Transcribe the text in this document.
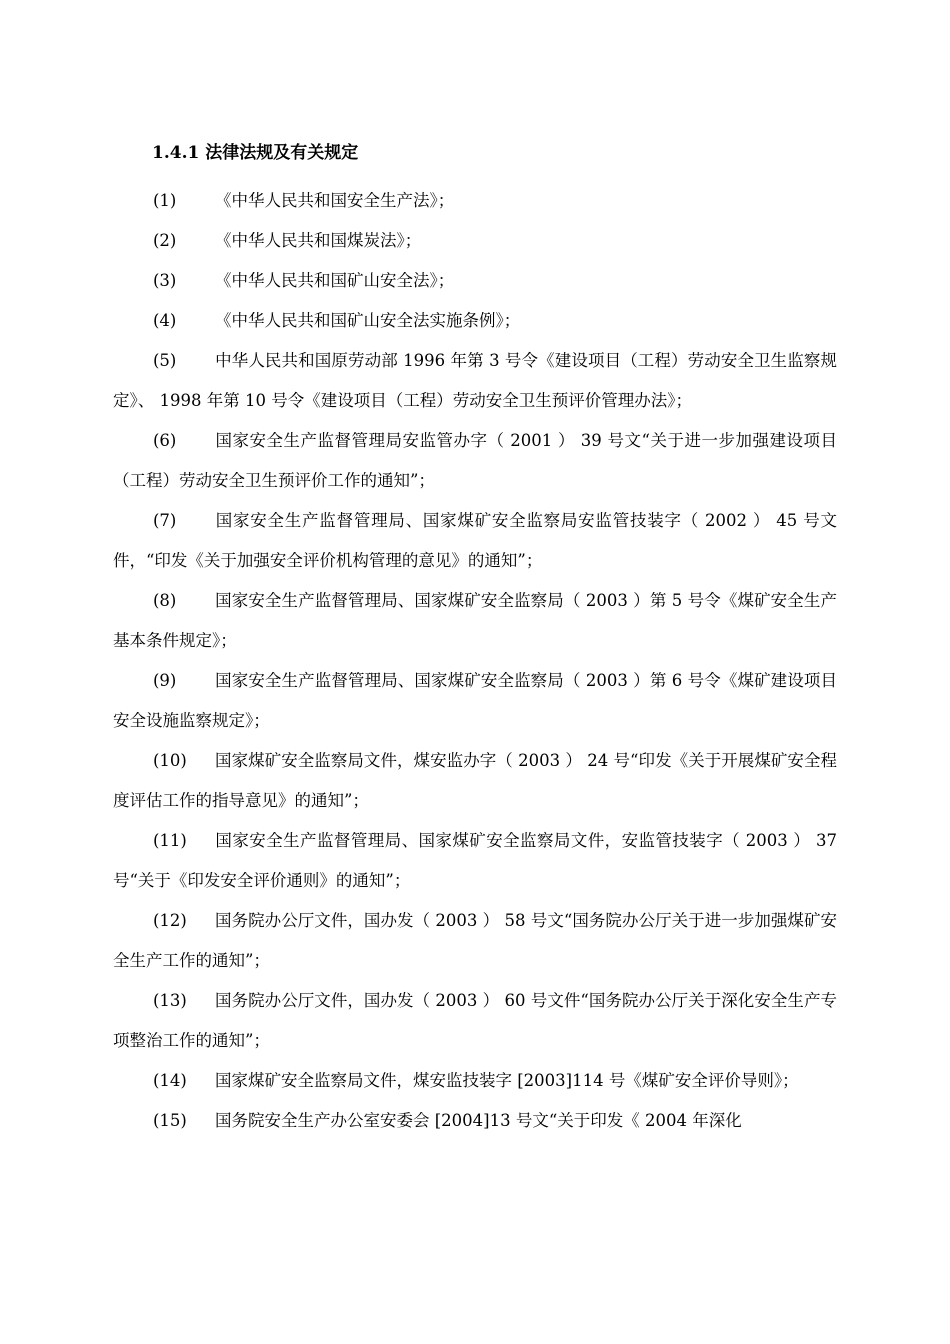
1.4.1 法律法规及有关规定

(1) 《中华人民共和国安全生产法》；

(2) 《中华人民共和国煤炭法》；

(3) 《中华人民共和国矿山安全法》；

(4) 《中华人民共和国矿山安全法实施条例》；

(5) 中华人民共和国原劳动部 1996 年第 3 号令《建设项目（工程）劳动安全卫生监察规定》、 1998 年第 10 号令《建设项目（工程）劳动安全卫生预评价管理办法》；

(6) 国家安全生产监督管理局安监管办字（ 2001 ） 39 号文“关于进一步加强建设项目（工程）劳动安全卫生预评价工作的通知”；

(7) 国家安全生产监督管理局、国家煤矿安全监察局安监管技装字（ 2002 ） 45 号文件，“印发《关于加强安全评价机构管理的意见》的通知”；

(8) 国家安全生产监督管理局、国家煤矿安全监察局（ 2003 ）第 5 号令《煤矿安全生产基本条件规定》；

(9) 国家安全生产监督管理局、国家煤矿安全监察局（ 2003 ）第 6 号令《煤矿建设项目安全设施监察规定》；

(10) 国家煤矿安全监察局文件，煤安监办字（ 2003 ） 24 号“印发《关于开展煤矿安全程度评估工作的指导意见》的通知”；

(11) 国家安全生产监督管理局、国家煤矿安全监察局文件，安监管技装字（ 2003 ） 37 号“关于《印发安全评价通则》的通知”；

(12) 国务院办公厅文件，国办发（ 2003 ） 58 号文“国务院办公厅关于进一步加强煤矿安全生产工作的通知”；

(13) 国务院办公厅文件，国办发（ 2003 ） 60 号文件“国务院办公厅关于深化安全生产专项整治工作的通知”；

(14) 国家煤矿安全监察局文件，煤安监技装字 [2003]114 号《煤矿安全评价导则》；

(15) 国务院安全生产办公室安委会 [2004]13 号文“关于印发《 2004 年深化
